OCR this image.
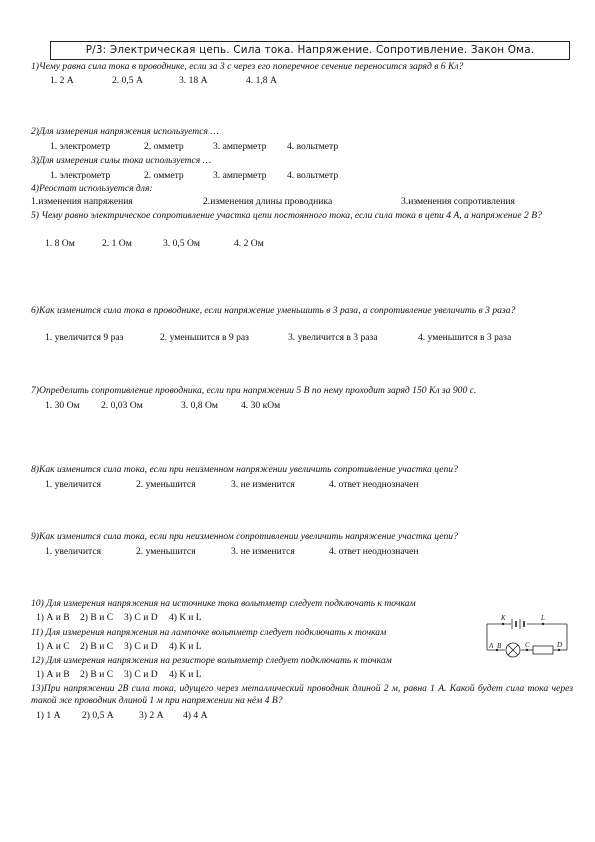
Р/3: Электрическая цепь. Сила тока. Напряжение. Сопротивление. Закон Ома.
1)Чему равна сила тока в проводнике, если за 3 с через его поперечное сечение переносится заряд в 6 Кл?
1. 2 А	2. 0,5 А	3. 18 А	4. 1,8 А
2)Для измерения напряжения используется …
1. электрометр	2. омметр	3. амперметр 4. вольтметр
3)Для измерения силы тока используется …
1. электрометр	2. омметр	3. амперметр 4. вольтметр
4)Реостат используется для:
1.изменения напряжения	2.изменения длины проводника	3.изменения сопротивления
5) Чему равно электрическое сопротивление участка цепи постоянного тока, если сила тока в цепи 4 А, а напряжение 2 В?
1. 8 Ом	2. 1 Ом	3. 0,5 Ом	4. 2 Ом
6)Как изменится сила тока в проводнике, если напряжение уменьшить в 3 раза, а сопротивление увеличить в 3 раза?
1. увеличится 9 раз	2. уменьшится в 9 раз	3. увеличится в 3 раза	4. уменьшится в 3 раза
7)Определить сопротивление проводника, если при напряжении 5 В по нему проходит заряд 150 Кл за 900 с.
1. 30 Ом 2. 0,03 Ом	3. 0,8 Ом 4. 30 кОм
8)Как изменится сила тока, если при неизменном напряжении увеличить сопротивление участка цепи?
1. увеличится	2. уменьшится	3. не изменится	4. ответ неоднозначен
9)Как изменится сила тока, если при неизменном сопротивлении увеличить напряжение участка цепи?
1. увеличится	2. уменьшится	3. не изменится	4. ответ неоднозначен
10) Для измерения напряжения на источнике тока вольтметр следует подключать к точкам
1) А и В 2) В и С 3) С и D 4) К и L
11) Для измерения напряжения на лампочке вольтметр следует подключать к точкам
1) А и С 2) В и С 3) С и D 4) К и L
12) Для измерения напряжения на резисторе вольтметр следует подключать к точкам
1) А и В 2) В и С 3) С и D 4) К и L
13)При напряжении 2В сила тока, идущего через металлический проводник длиной 2 м, равна 1 А. Какой будет сила тока через такой же проводник длиной 1 м при напряжении на нём 4 В?
1) 1 А 2) 0,5 А	3) 2 А 4) 4 А
K	L
A B	C	D
